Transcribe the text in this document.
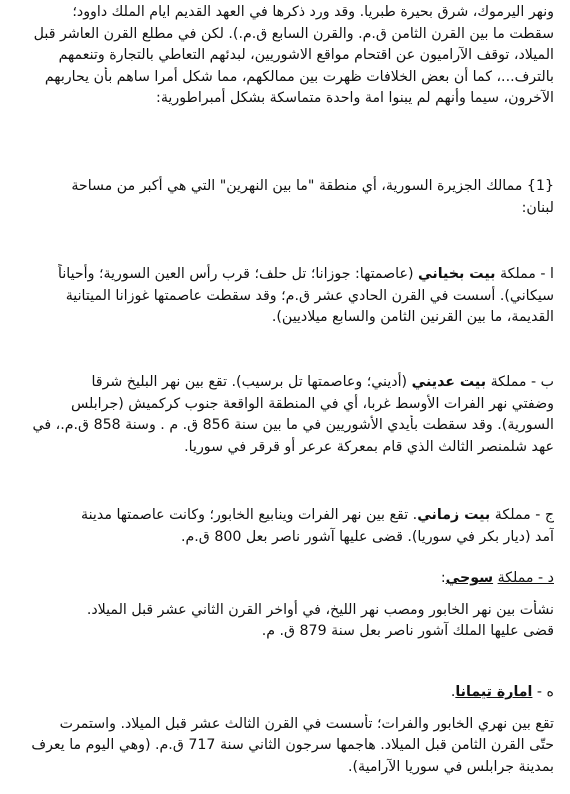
ونهر اليرموك، شرق بحيرة طبريا. وقد ورد ذكرها في العهد القديم ايام الملك داوود؛

سقطت ما بين القرن الثامن ق.م. والقرن السابع ق.م.). لكن في مطلع القرن العاشر قبل

الميلاد، توقف الآراميون عن اقتحام مواقع الاشوريين، لبدئهم التعاطي بالتجارة وتنعمهم

بالترف...، كما أن بعض الخلافات ظهرت بين ممالكهم، مما شكل أمرا ساهم بأن يحاربهم

الآخرون، سيما وأنهم لم يبنوا امة واحدة متماسكة بشكل أمبراطورية:

{1} ممالك الجزيرة السورية، أي منطقة "ما بين النهرين" التي هي أكبر من مساحة

لبنان:

ا - مملكة بيت بخياني (عاصمتها: جوزانا؛ تل حلف؛ قرب رأس العين السورية؛ وأحياناً

سيكاني). أسست في القرن الحادي عشر ق.م؛ وقد سقطت عاصمتها غوزانا الميتانية

القديمة، ما بين القرنين الثامن والسابع ميلاديين).

ب - مملكة بيت عديني (أديني؛ وعاصمتها تل برسيب). تقع بين نهر البليخ شرقا

وضفتي نهر الفرات الأوسط غربا، أي في المنطقة الواقعة جنوب كركميش (جرابلس

السورية). وقد سقطت بأيدي الأشوريين في ما بين سنة 856 ق. م . وسنة 858 ق.م.، في

عهد شلمنصر الثالث الذي قام بمعركة عرعر أو قرقر في سوريا.

ج - مملكة بيت زماني. تقع بين نهر الفرات وينابيع الخابور؛ وكانت عاصمتها مدينة

آمد (ديار بكر في سوريا). قضى عليها آشور ناصر بعل 800 ق.م.

د - مملكة سوحي:

نشأت بين نهر الخابور ومصب نهر الليخ، في أواخر القرن الثاني عشر قبل الميلاد.

قضى عليها الملك آشور ناصر بعل سنة 879 ق. م.

ه - امارة تيمانا.

تقع بين نهري الخابور والفرات؛ تأسست في القرن الثالث عشر قبل الميلاد. واستمرت

حتّى القرن الثامن قبل الميلاد. هاجمها سرجون الثاني سنة 717 ق.م. (وهي اليوم ما يعرف

بمدينة جرابلس في سوريا الآرامية).
